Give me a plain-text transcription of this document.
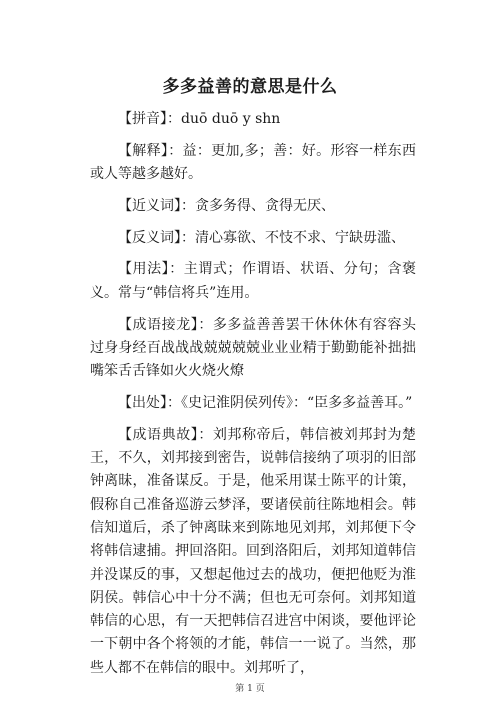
多多益善的意思是什么

【拼音】：duō duō y shn

【解释】：益：更加,多；善：好。形容一样东西或人等越多越好。

【近义词】：贪多务得、贪得无厌、

【反义词】：清心寡欲、不忮不求、宁缺毋滥、

【用法】：主谓式；作谓语、状语、分句；含褒义。常与“韩信将兵”连用。

【成语接龙】：多多益善善罢干休休休有容容头过身身经百战战战兢兢兢兢业业业精于勤勤能补拙拙嘴笨舌舌锋如火火烧火燎

【出处】：《史记淮阴侯列传》：“臣多多益善耳。”

【成语典故】：刘邦称帝后，韩信被刘邦封为楚王，不久，刘邦接到密告，说韩信接纳了项羽的旧部钟离昧，准备谋反。于是，他采用谋士陈平的计策，假称自己准备巡游云梦泽，要诸侯前往陈地相会。韩信知道后，杀了钟离昧来到陈地见刘邦，刘邦便下令将韩信逮捕。押回洛阳。回到洛阳后，刘邦知道韩信并没谋反的事，又想起他过去的战功，便把他贬为淮阴侯。韩信心中十分不满；但也无可奈何。刘邦知道韩信的心思，有一天把韩信召进宫中闲谈，要他评论一下朝中各个将领的才能，韩信一一说了。当然，那些人都不在韩信的眼中。刘邦听了，

第 1 页
